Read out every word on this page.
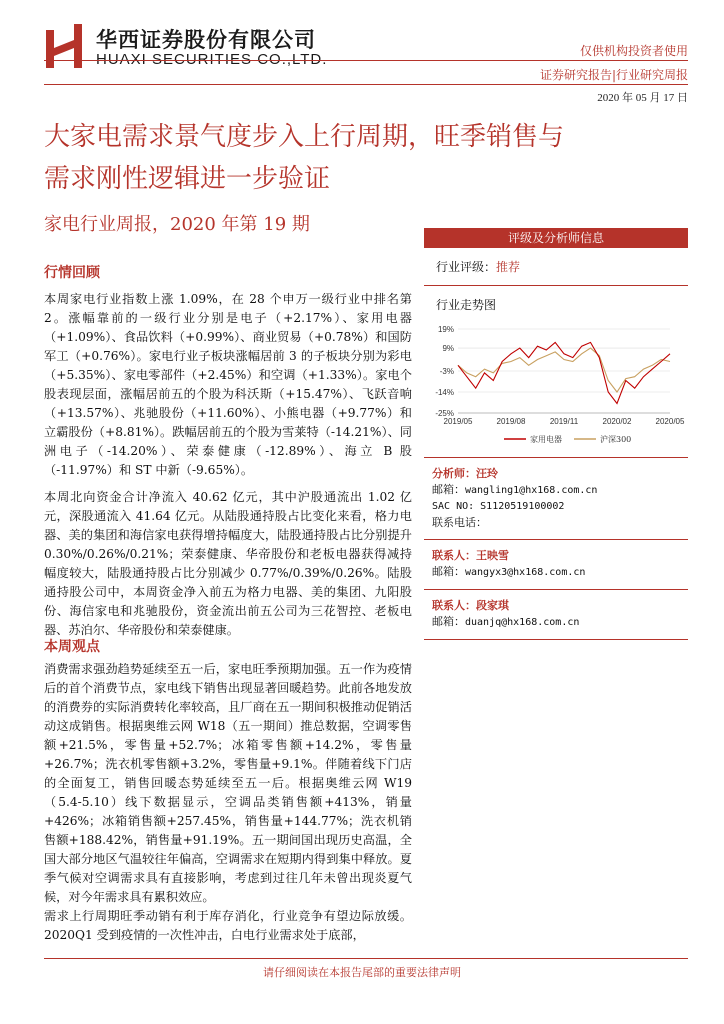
华西证券股份有限公司
HUAXI SECURITIES CO.,LTD.	仅供机构投资者使用
证券研究报告|行业研究周报
2020 年 05 月 17 日
大家电需求景气度步入上行周期，旺季销售与
需求刚性逻辑进一步验证
家电行业周报，2020 年第 19 期
行情回顾
本周家电行业指数上涨 1.09%，在 28 个申万一级行业中排名第 2。涨幅靠前的一级行业分别是电子（+2.17%）、家用电器（+1.09%）、食品饮料（+0.99%）、商业贸易（+0.78%）和国防军工（+0.76%）。家电行业子板块涨幅居前 3 的子板块分别为彩电（+5.35%）、家电零部件（+2.45%）和空调（+1.33%）。家电个股表现层面，涨幅居前五的个股为科沃斯（+15.47%）、飞跃音响（+13.57%）、兆驰股份（+11.60%）、小熊电器（+9.77%）和立霸股份（+8.81%）。跌幅居前五的个股为雪莱特（-14.21%）、同洲电子（-14.20%）、荣泰健康（-12.89%）、海立 B 股（-11.97%）和 ST 中新（-9.65%）。
本周北向资金合计净流入 40.62 亿元，其中沪股通流出 1.02 亿元，深股通流入 41.64 亿元。从陆股通持股占比变化来看，格力电器、美的集团和海信家电获得增持幅度大，陆股通持股占比分别提升 0.30%/0.26%/0.21%；荣泰健康、华帝股份和老板电器获得减持幅度较大，陆股通持股占比分别减少 0.77%/0.39%/0.26%。陆股通持股公司中，本周资金净入前五为格力电器、美的集团、九阳股份、海信家电和兆驰股份，资金流出前五公司为三花智控、老板电器、苏泊尔、华帝股份和荣泰健康。
本周观点
消费需求强劲趋势延续至五一后，家电旺季预期加强。五一作为疫情后的首个消费节点，家电线下销售出现显著回暖趋势。此前各地发放的消费券的实际消费转化率较高，且厂商在五一期间积极推动促销活动这成销售。根据奥维云网 W18（五一期间）推总数据，空调零售额+21.5%，零售量+52.7%；冰箱零售额+14.2%，零售量+26.7%；洗衣机零售额+3.2%，零售量+9.1%。伴随着线下门店的全面复工，销售回暖态势延续至五一后。根据奥维云网 W19（5.4-5.10）线下数据显示，空调品类销售额+413%，销量+426%；冰箱销售额+257.45%，销售量+144.77%；洗衣机销售额+188.42%，销售量+91.19%。五一期间国出现历史高温，全国大部分地区气温较往年偏高，空调需求在短期内得到集中释放。夏季气候对空调需求具有直接影响，考虑到过往几年未曾出现炎夏气候，对今年需求具有累积效应。
需求上行周期旺季动销有利于库存消化，行业竞争有望边际放缓。2020Q1 受到疫情的一次性冲击，白电行业需求处于底部，
评级及分析师信息
行业评级：推荐
行业走势图
19%
9%
-3%
-14%
-25%
2019/05	2019/08	2019/11	2020/02	2020/05
家用电器	沪深300
分析师：汪玲
邮箱：wangling1@hx168.com.cn
SAC NO: S1120519100002
联系电话：
联系人：王映雪
邮箱：wangyx3@hx168.com.cn
联系人：段家琪
邮箱：duanjq@hx168.com.cn
请仔细阅读在本报告尾部的重要法律声明
